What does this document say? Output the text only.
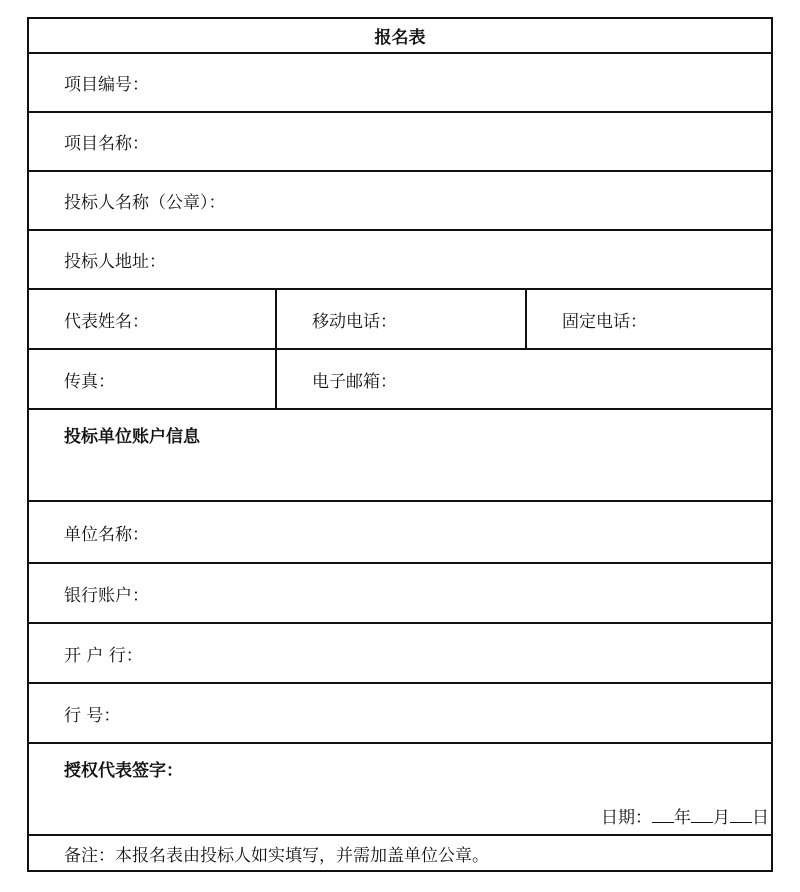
报名表
项目编号：
项目名称：
投标人名称（公章）：
投标人地址：
代表姓名：	移动电话：	固定电话：
传真：	电子邮箱：
投标单位账户信息
单位名称：
银行账户：
开 户 行：
行 号：
授权代表签字：
日期： 年 月 日
备注：本报名表由投标人如实填写，并需加盖单位公章。
